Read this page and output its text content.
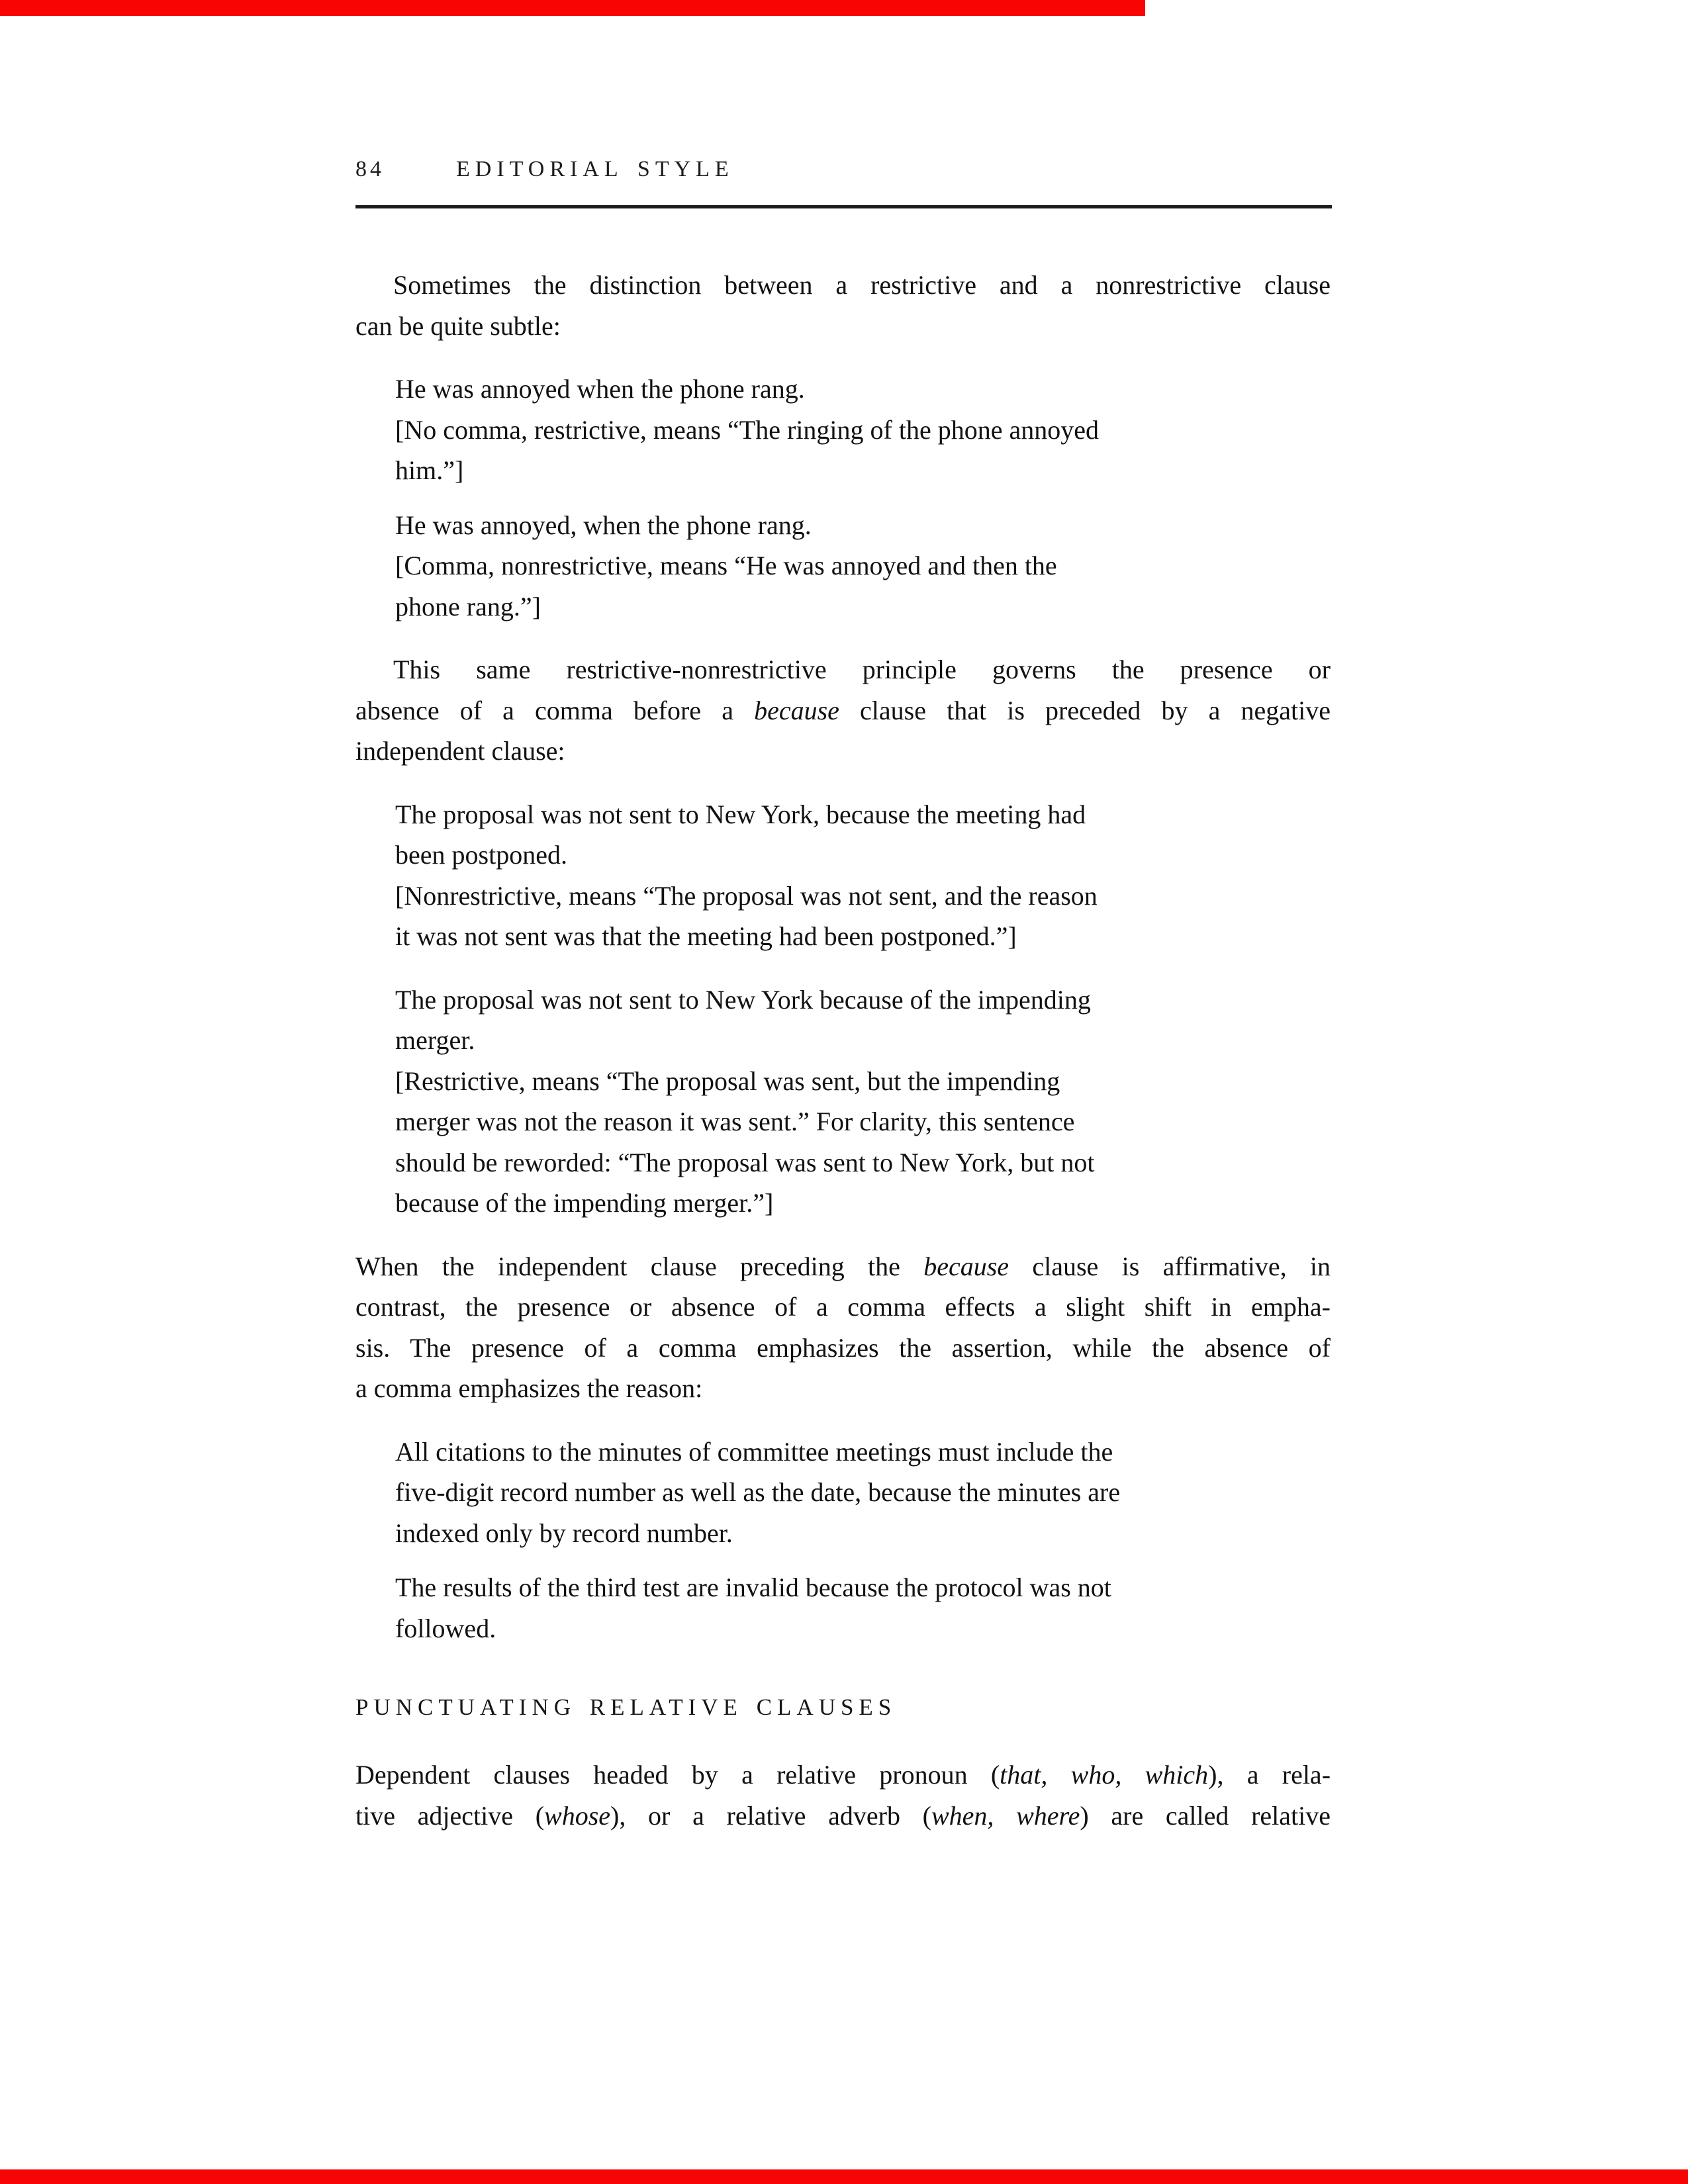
84	EDITORIAL STYLE
Sometimes the distinction between a restrictive and a nonrestrictive clause
can be quite subtle:
He was annoyed when the phone rang.
[No comma, restrictive, means “The ringing of the phone annoyed
him.”]
He was annoyed, when the phone rang.
[Comma, nonrestrictive, means “He was annoyed and then the
phone rang.”]
This same restrictive-nonrestrictive principle governs the presence or
absence of a comma before a because clause that is preceded by a negative
independent clause:
The proposal was not sent to New York, because the meeting had
been postponed.
[Nonrestrictive, means “The proposal was not sent, and the reason
it was not sent was that the meeting had been postponed.”]
The proposal was not sent to New York because of the impending
merger.
[Restrictive, means “The proposal was sent, but the impending
merger was not the reason it was sent.” For clarity, this sentence
should be reworded: “The proposal was sent to New York, but not
because of the impending merger.”]
When the independent clause preceding the because clause is affirmative, in
contrast, the presence or absence of a comma effects a slight shift in empha-
sis. The presence of a comma emphasizes the assertion, while the absence of
a comma emphasizes the reason:
All citations to the minutes of committee meetings must include the
five-digit record number as well as the date, because the minutes are
indexed only by record number.
The results of the third test are invalid because the protocol was not
followed.
PUNCTUATING RELATIVE CLAUSES
Dependent clauses headed by a relative pronoun (that, who, which), a rela-
tive adjective (whose), or a relative adverb (when, where) are called relative
